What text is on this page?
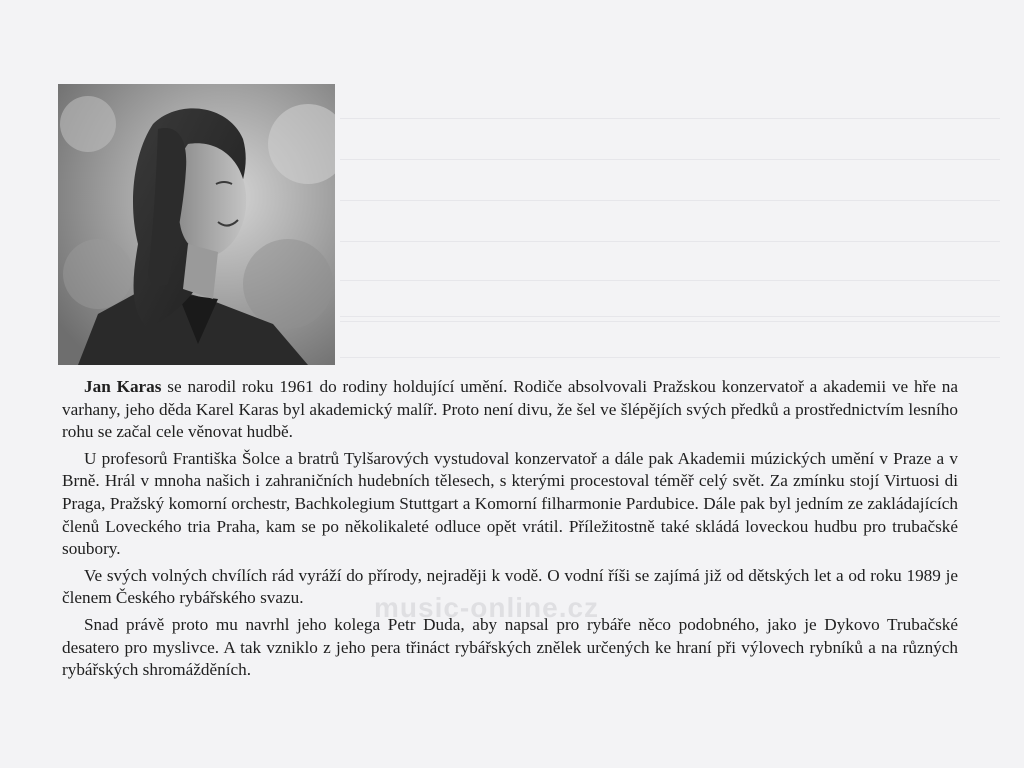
Jan Karas se narodil roku 1961 do rodiny holdující umění. Rodiče absolvovali Pražskou konzervatoř a akademii ve hře na varhany, jeho děda Karel Karas byl akademický malíř. Proto není divu, že šel ve šlépějích svých předků a prostřednictvím lesního rohu se začal cele věnovat hudbě.

U profesorů Františka Šolce a bratrů Tylšarových vystudoval konzervatoř a dále pak Akademii múzických umění v Praze a v Brně. Hrál v mnoha našich i zahraničních hudebních tělesech, s kterými procestoval téměř celý svět. Za zmínku stojí Virtuosi di Praga, Pražský komorní orchestr, Bachkolegium Stuttgart a Komorní filharmonie Pardubice. Dále pak byl jedním ze zakládajících členů Loveckého tria Praha, kam se po několikaleté odluce opět vrátil. Příležitostně také skládá loveckou hudbu pro trubačské soubory.

Ve svých volných chvílích rád vyráží do přírody, nejraději k vodě. O vodní říši se zajímá již od dětských let a od roku 1989 je členem Českého rybářského svazu.

Snad právě proto mu navrhl jeho kolega Petr Duda, aby napsal pro rybáře něco podobného, jako je Dykovo Trubačské desatero pro myslivce. A tak vzniklo z jeho pera třináct rybářských znělek určených ke hraní při výlovech rybníků a na různých rybářských shromážděních.

music-online.cz
